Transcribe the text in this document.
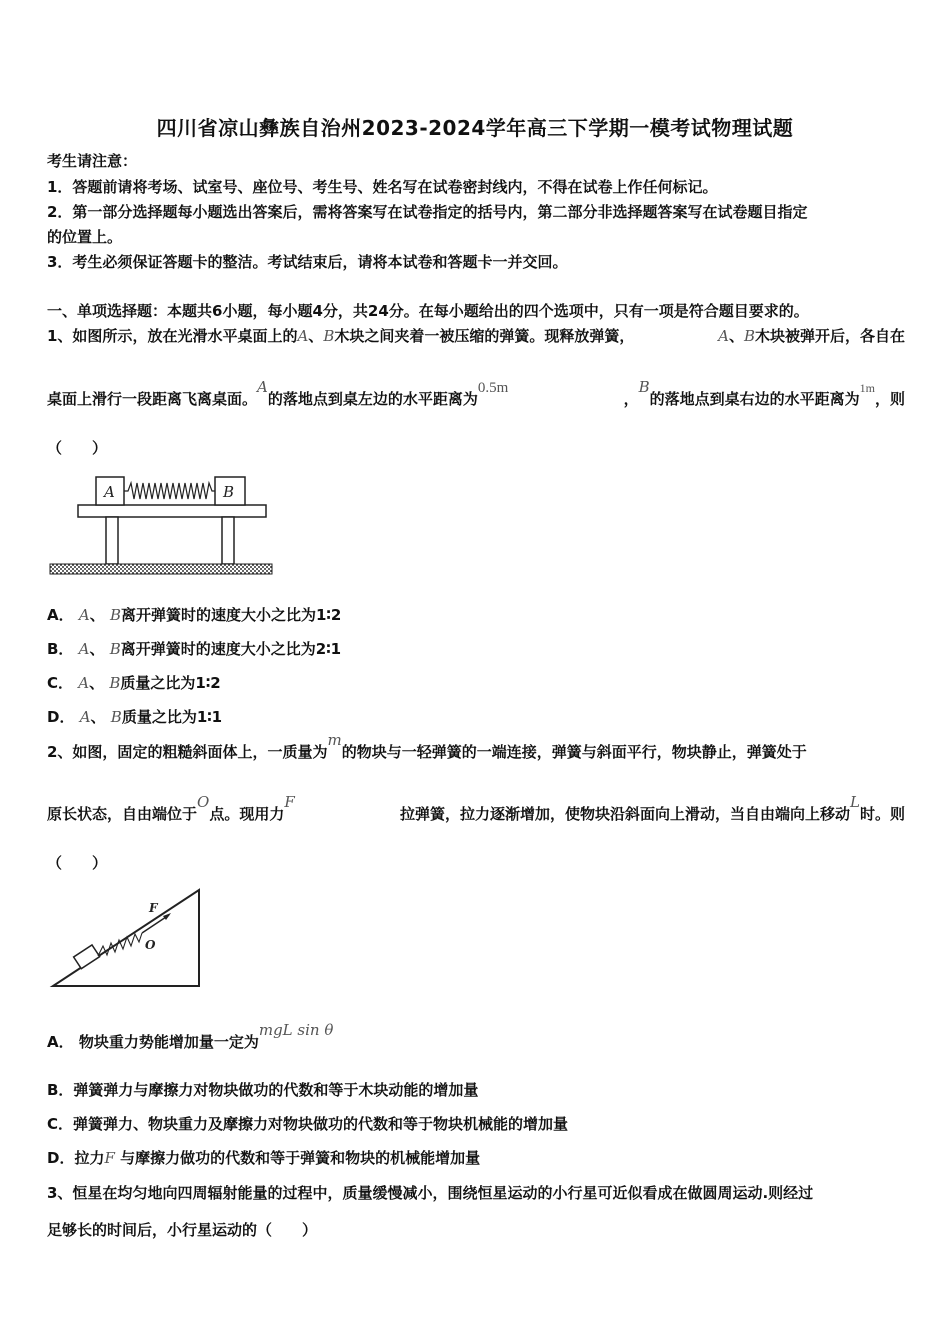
四川省凉山彝族自治州2023-2024学年高三下学期一模考试物理试题
考生请注意：
1．答题前请将考场、试室号、座位号、考生号、姓名写在试卷密封线内，不得在试卷上作任何标记。
2．第一部分选择题每小题选出答案后，需将答案写在试卷指定的括号内，第二部分非选择题答案写在试卷题目指定
的位置上。
3．考生必须保证答题卡的整洁。考试结束后，请将本试卷和答题卡一并交回。
一、单项选择题：本题共6小题，每小题4分，共24分。在每小题给出的四个选项中，只有一项是符合题目要求的。
1、如图所示，放在光滑水平桌面上的A、B木块之间夹着一被压缩的弹簧。现释放弹簧，	A、B木块被弹开后，各自在
桌面上滑行一段距离飞离桌面。A的落地点到桌左边的水平距离为0.5m
，B的落地点到桌右边的水平距离为$^{1m}$，则
（　　）
A	B
A． A、 B离开弹簧时的速度大小之比为1∶2
B． A、 B离开弹簧时的速度大小之比为2∶1
C． A、 B质量之比为1∶2
D． A、 B质量之比为1∶1
2、如图，固定的粗糙斜面体上，一质量为m的物块与一轻弹簧的一端连接，弹簧与斜面平行，物块静止，弹簧处于
原长状态，自由端位于O点。现用力F
拉弹簧，拉力逐渐增加，使物块沿斜面向上滑动，当自由端向上移动L时。则
（　　）
F
O
A． 物块重力势能增加量一定为mgL sin θ
B．弹簧弹力与摩擦力对物块做功的代数和等于木块动能的增加量
C．弹簧弹力、物块重力及摩擦力对物块做功的代数和等于物块机械能的增加量
D．拉力F 与摩擦力做功的代数和等于弹簧和物块的机械能增加量
3、恒星在均匀地向四周辐射能量的过程中，质量缓慢减小，围绕恒星运动的小行星可近似看成在做圆周运动.则经过
足够长的时间后，小行星运动的（　　）
